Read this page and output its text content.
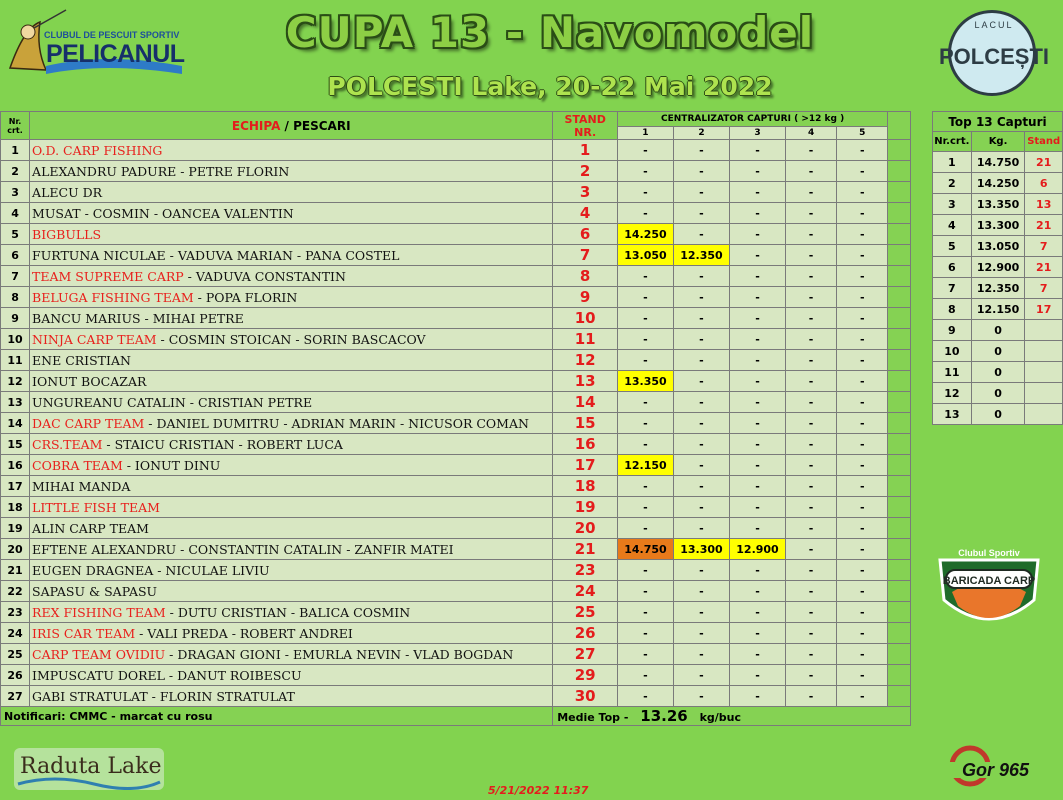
CLUBUL DE PESCUIT SPORTIV
PELICANUL	CUPA 13 - Navomodel
POLCESTI Lake, 20-22 Mai 2022
LACUL
POLCEȘTI
Nr. crt.	ECHIPA / PESCARI	STAND NR.	CENTRALIZATOR CAPTURI ( >12 kg )					
			1	2	3	4	5	
1	O.D. CARP FISHING	1	-	-	-	-	-	
2	ALEXANDRU PADURE - PETRE FLORIN	2	-	-	-	-	-	
3	ALECU DR	3	-	-	-	-	-	
4	MUSAT - COSMIN - OANCEA VALENTIN	4	-	-	-	-	-	
5	BIGBULLS	6	14.250	-	-	-	-	
6	FURTUNA NICULAE - VADUVA MARIAN - PANA COSTEL	7	13.050	12.350	-	-	-	
7	TEAM SUPREME CARP - VADUVA CONSTANTIN	8	-	-	-	-	-	
8	BELUGA FISHING TEAM - POPA FLORIN	9	-	-	-	-	-	
9	BANCU MARIUS - MIHAI PETRE	10	-	-	-	-	-	
10	NINJA CARP TEAM - COSMIN STOICAN - SORIN BASCACOV	11	-	-	-	-	-	
11	ENE CRISTIAN	12	-	-	-	-	-	
12	IONUT BOCAZAR	13	13.350	-	-	-	-	
13	UNGUREANU CATALIN - CRISTIAN PETRE	14	-	-	-	-	-	
14	DAC CARP TEAM - DANIEL DUMITRU - ADRIAN MARIN - NICUSOR COMAN	15	-	-	-	-	-	
15	CRS.TEAM - STAICU CRISTIAN - ROBERT LUCA	16	-	-	-	-	-	
16	COBRA TEAM - IONUT DINU	17	12.150	-	-	-	-	
17	MIHAI MANDA	18	-	-	-	-	-	
18	LITTLE FISH TEAM	19	-	-	-	-	-	
19	ALIN CARP TEAM	20	-	-	-	-	-	
20	EFTENE ALEXANDRU - CONSTANTIN CATALIN - ZANFIR MATEI	21	14.750	13.300	12.900	-	-	
21	EUGEN DRAGNEA - NICULAE LIVIU	23	-	-	-	-	-	
22	SAPASU & SAPASU	24	-	-	-	-	-	
23	REX FISHING TEAM - DUTU CRISTIAN - BALICA COSMIN	25	-	-	-	-	-	
24	IRIS CAR TEAM - VALI PREDA - ROBERT ANDREI	26	-	-	-	-	-	
25	CARP TEAM OVIDIU - DRAGAN GIONI - EMURLA NEVIN - VLAD BOGDAN	27	-	-	-	-	-	
26	IMPUSCATU DOREL - DANUT ROIBESCU	29	-	-	-	-	-	
27	GABI STRATULAT - FLORIN STRATULAT	30	-	-	-	-	-	
Notificari: CMMC - marcat cu rosu		Medie Top - 13.26 kg/buc						
Top 13 Capturi		
Nr.crt.	Kg.	Stand
1	14.750	21
2	14.250	6
3	13.350	13
4	13.300	21
5	13.050	7
6	12.900	21
7	12.350	7
8	12.150	17
9	0	
10	0	
11	0	
12	0	
13	0	
Clubul Sportiv
BARICADA CARP
Raduta Lake
5/21/2022 11:37
Gor 965
